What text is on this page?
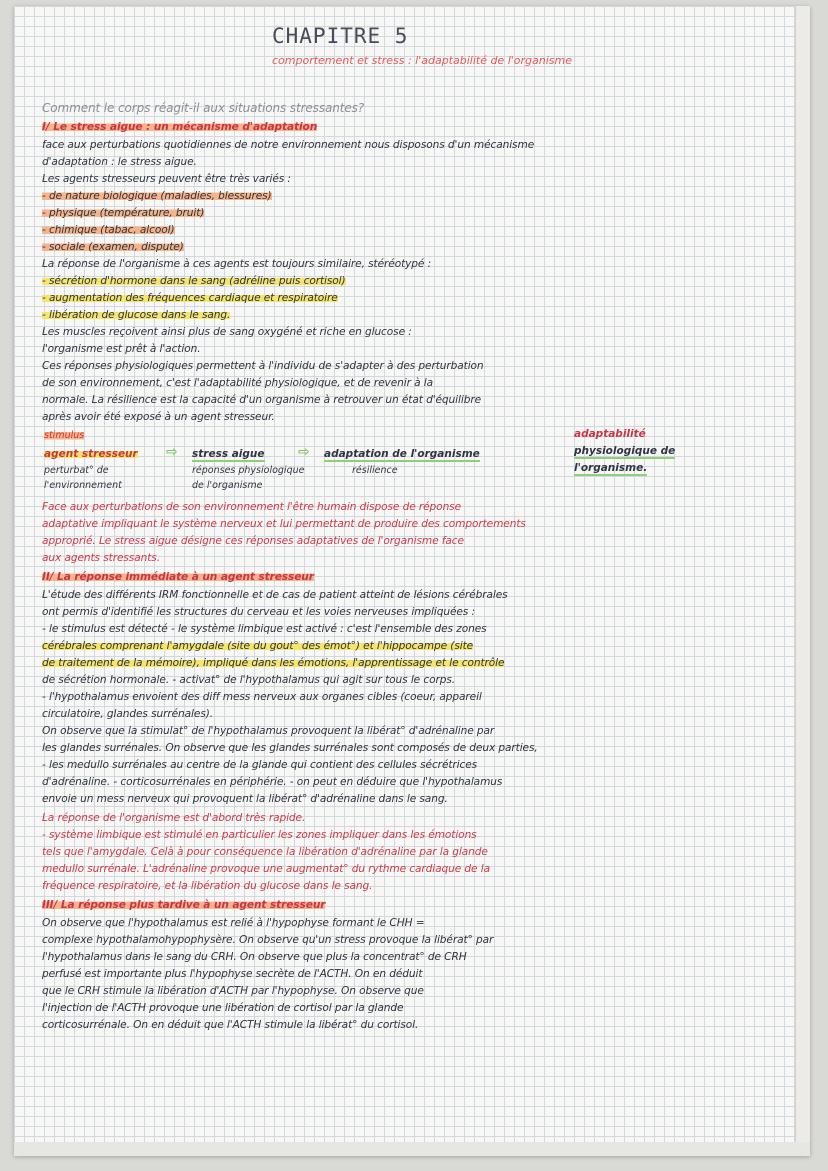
CHAPITRE 5
comportement et stress : l'adaptabilité de l'organisme
Comment le corps réagit-il aux situations stressantes?
I/ Le stress aigue : un mécanisme d'adaptation
face aux perturbations quotidiennes de notre environnement nous disposons d'un mécanisme
d'adaptation : le stress aigue.
Les agents stresseurs peuvent être très variés :
- de nature biologique (maladies, blessures)
- physique (température, bruit)
- chimique (tabac, alcool)
- sociale (examen, dispute)
La réponse de l'organisme à ces agents est toujours similaire, stéréotypé :
- sécrétion d'hormone dans le sang (adréline puis cortisol)
- augmentation des fréquences cardiaque et respiratoire
- libération de glucose dans le sang.
Les muscles reçoivent ainsi plus de sang oxygéné et riche en glucose :
l'organisme est prêt à l'action.
Ces réponses physiologiques permettent à l'individu de s'adapter à des perturbation
de son environnement, c'est l'adaptabilité physiologique, et de revenir à la
normale. La résilience est la capacité d'un organisme à retrouver un état d'équilibre
après avoir été exposé à un agent stresseur.
stimulus	adaptabilité
agent stresseur ⇨ stress aigue ⇨ adaptation de l'organisme	physiologique de
perturbat° de	réponses physiologique	résilience	l'organisme.
l'environnement	de l'organisme
Face aux perturbations de son environnement l'être humain dispose de réponse
adaptative impliquant le système nerveux et lui permettant de produire des comportements
approprié. Le stress aigue désigne ces réponses adaptatives de l'organisme face
aux agents stressants.
II/ La réponse immédiate à un agent stresseur
L'étude des différents IRM fonctionnelle et de cas de patient atteint de lésions cérébrales
ont permis d'identifié les structures du cerveau et les voies nerveuses impliquées :
- le stimulus est détecté - le système limbique est activé : c'est l'ensemble des zones
cérébrales comprenant l'amygdale (site du gout° des émot°) et l'hippocampe (site
de traitement de la mémoire), impliqué dans les émotions, l'apprentissage et le contrôle
de sécrétion hormonale. - activat° de l'hypothalamus qui agit sur tous le corps.
- l'hypothalamus envoient des diff mess nerveux aux organes cibles (coeur, appareil
circulatoire, glandes surrénales).
On observe que la stimulat° de l'hypothalamus provoquent la libérat° d'adrénaline par
les glandes surrénales. On observe que les glandes surrénales sont composés de deux parties,
- les medullo surrénales au centre de la glande qui contient des cellules sécrétrices
d'adrénaline. - corticosurrénales en périphérie. - on peut en déduire que l'hypothalamus
envoie un mess nerveux qui provoquent la libérat° d'adrénaline dans le sang.
La réponse de l'organisme est d'abord très rapide.
- système limbique est stimulé en particulier les zones impliquer dans les émotions
tels que l'amygdale. Celà à pour conséquence la libération d'adrénaline par la glande
medullo surrénale. L'adrénaline provoque une augmentat° du rythme cardiaque de la
fréquence respiratoire, et la libération du glucose dans le sang.
III/ La réponse plus tardive à un agent stresseur
On observe que l'hypothalamus est relié à l'hypophyse formant le CHH =
complexe hypothalamohypophysère. On observe qu'un stress provoque la libérat° par
l'hypothalamus dans le sang du CRH. On observe que plus la concentrat° de CRH
perfusé est importante plus l'hypophyse secrète de l'ACTH. On en déduit
que le CRH stimule la libération d'ACTH par l'hypophyse. On observe que
l'injection de l'ACTH provoque une libération de cortisol par la glande
corticosurrénale. On en déduit que l'ACTH stimule la libérat° du cortisol.
